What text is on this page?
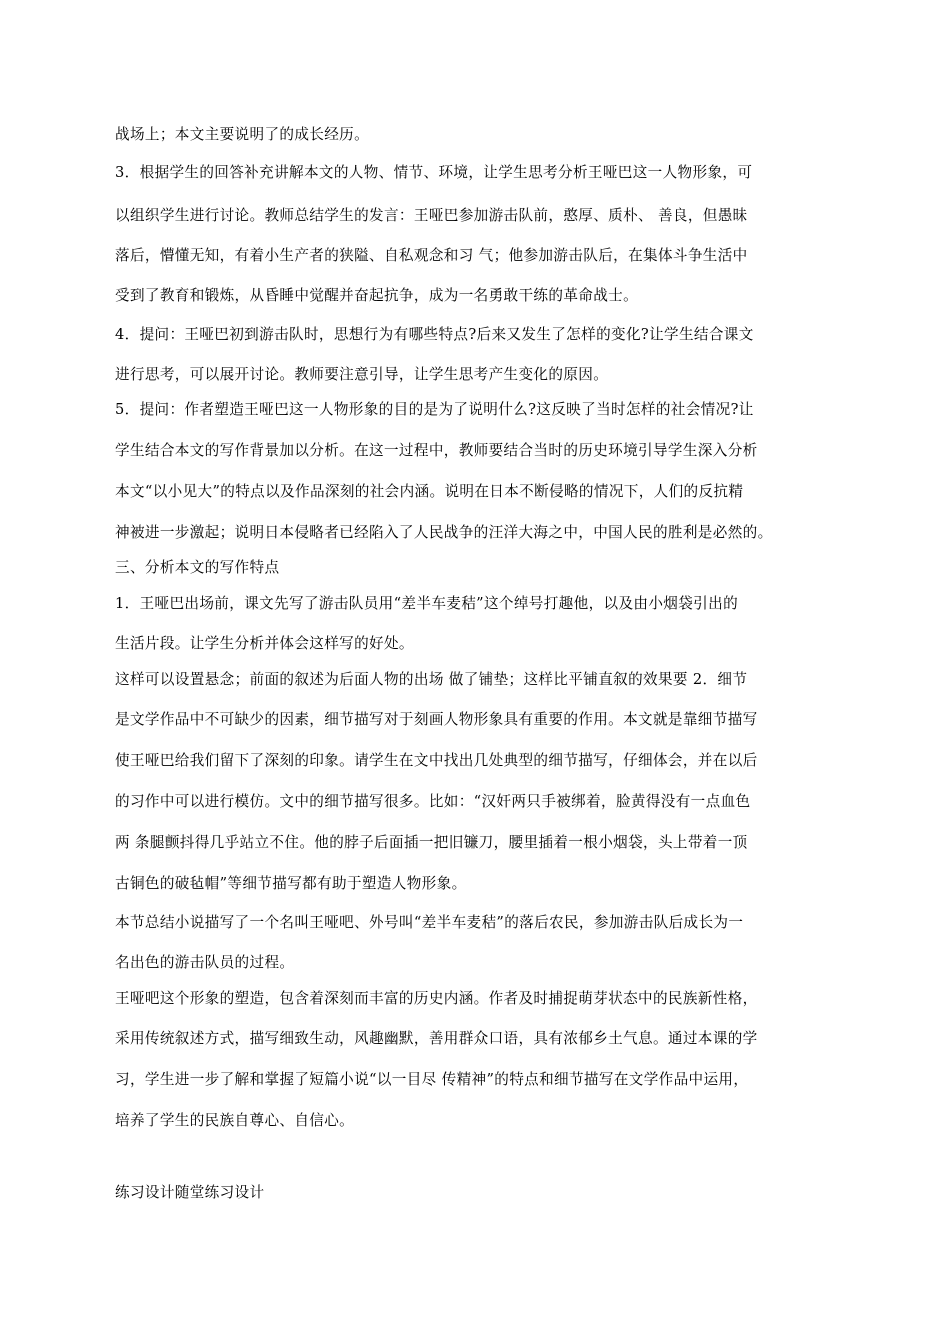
战场上；本文主要说明了的成长经历。
3．根据学生的回答补充讲解本文的人物、情节、环境，让学生思考分析王哑巴这一人物形象，可
以组织学生进行讨论。教师总结学生的发言：王哑巴参加游击队前，憨厚、质朴、 善良，但愚昧
落后，懵懂无知，有着小生产者的狭隘、自私观念和习 气；他参加游击队后，在集体斗争生活中
受到了教育和锻炼，从昏睡中觉醒并奋起抗争，成为一名勇敢干练的革命战士。
4．提问：王哑巴初到游击队时，思想行为有哪些特点?后来又发生了怎样的变化?让学生结合课文
进行思考，可以展开讨论。教师要注意引导，让学生思考产生变化的原因。
5．提问：作者塑造王哑巴这一人物形象的目的是为了说明什么?这反映了当时怎样的社会情况?让
学生结合本文的写作背景加以分析。在这一过程中，教师要结合当时的历史环境引导学生深入分析
本文“以小见大”的特点以及作品深刻的社会内涵。说明在日本不断侵略的情况下，人们的反抗精
神被进一步激起；说明日本侵略者已经陷入了人民战争的汪洋大海之中，中国人民的胜利是必然的。
三、分析本文的写作特点
1．王哑巴出场前，课文先写了游击队员用“差半车麦秸”这个绰号打趣他，以及由小烟袋引出的
生活片段。让学生分析并体会这样写的好处。
这样可以设置悬念；前面的叙述为后面人物的出场 做了铺垫；这样比平铺直叙的效果要 2．细节
是文学作品中不可缺少的因素，细节描写对于刻画人物形象具有重要的作用。本文就是靠细节描写
使王哑巴给我们留下了深刻的印象。请学生在文中找出几处典型的细节描写，仔细体会，并在以后
的习作中可以进行模仿。文中的细节描写很多。比如：“汉奸两只手被绑着，脸黄得没有一点血色
两 条腿颤抖得几乎站立不住。他的脖子后面插一把旧镰刀，腰里插着一根小烟袋，头上带着一顶
古铜色的破毡帽”等细节描写都有助于塑造人物形象。
本节总结小说描写了一个名叫王哑吧、外号叫“差半车麦秸”的落后农民，参加游击队后成长为一
名出色的游击队员的过程。
王哑吧这个形象的塑造，包含着深刻而丰富的历史内涵。作者及时捕捉萌芽状态中的民族新性格，
采用传统叙述方式，描写细致生动，风趣幽默，善用群众口语，具有浓郁乡土气息。通过本课的学
习，学生进一步了解和掌握了短篇小说“以一目尽 传精神”的特点和细节描写在文学作品中运用，
培养了学生的民族自尊心、自信心。
练习设计随堂练习设计
